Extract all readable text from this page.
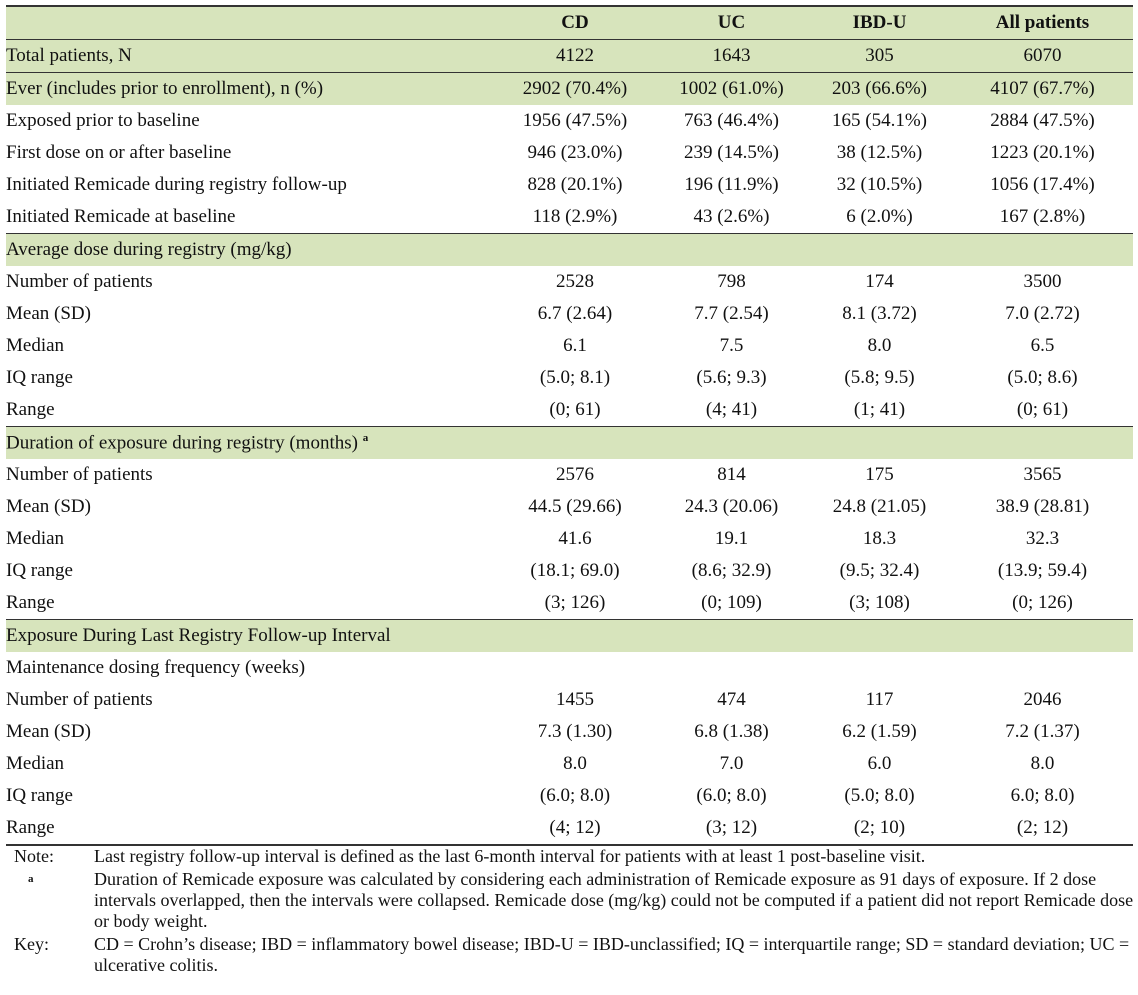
	CD	UC	IBD-U	All patients
Total patients, N	4122	1643	305	6070
Ever (includes prior to enrollment), n (%)	2902 (70.4%)	1002 (61.0%)	203 (66.6%)	4107 (67.7%)
Exposed prior to baseline	1956 (47.5%)	763 (46.4%)	165 (54.1%)	2884 (47.5%)
First dose on or after baseline	946 (23.0%)	239 (14.5%)	38 (12.5%)	1223 (20.1%)
Initiated Remicade during registry follow-up	828 (20.1%)	196 (11.9%)	32 (10.5%)	1056 (17.4%)
Initiated Remicade at baseline	118 (2.9%)	43 (2.6%)	6 (2.0%)	167 (2.8%)
Average dose during registry (mg/kg)				
Number of patients	2528	798	174	3500
Mean (SD)	6.7 (2.64)	7.7 (2.54)	8.1 (3.72)	7.0 (2.72)
Median	6.1	7.5	8.0	6.5
IQ range	(5.0; 8.1)	(5.6; 9.3)	(5.8; 9.5)	(5.0; 8.6)
Range	(0; 61)	(4; 41)	(1; 41)	(0; 61)
Duration of exposure during registry (months) $^a$				
Number of patients	2576	814	175	3565
Mean (SD)	44.5 (29.66)	24.3 (20.06)	24.8 (21.05)	38.9 (28.81)
Median	41.6	19.1	18.3	32.3
IQ range	(18.1; 69.0)	(8.6; 32.9)	(9.5; 32.4)	(13.9; 59.4)
Range	(3; 126)	(0; 109)	(3; 108)	(0; 126)
Exposure During Last Registry Follow-up Interval				
Maintenance dosing frequency (weeks)				
Number of patients	1455	474	117	2046
Mean (SD)	7.3 (1.30)	6.8 (1.38)	6.2 (1.59)	7.2 (1.37)
Median	8.0	7.0	6.0	8.0
IQ range	(6.0; 8.0)	(6.0; 8.0)	(5.0; 8.0)	6.0; 8.0)
Range	(4; 12)	(3; 12)	(2; 10)	(2; 12)
Note:	Last registry follow-up interval is defined as the last 6-month interval for patients with at least 1 post-baseline visit.
$^a$	Duration of Remicade exposure was calculated by considering each administration of Remicade exposure as 91 days of exposure. If 2 dose intervals overlapped, then the intervals were collapsed. Remicade dose (mg/kg) could not be computed if a patient did not report Remicade dose or body weight.
Key:	CD = Crohn’s disease; IBD = inflammatory bowel disease; IBD-U = IBD-unclassified; IQ = interquartile range; SD = standard deviation; UC = ulcerative colitis.
